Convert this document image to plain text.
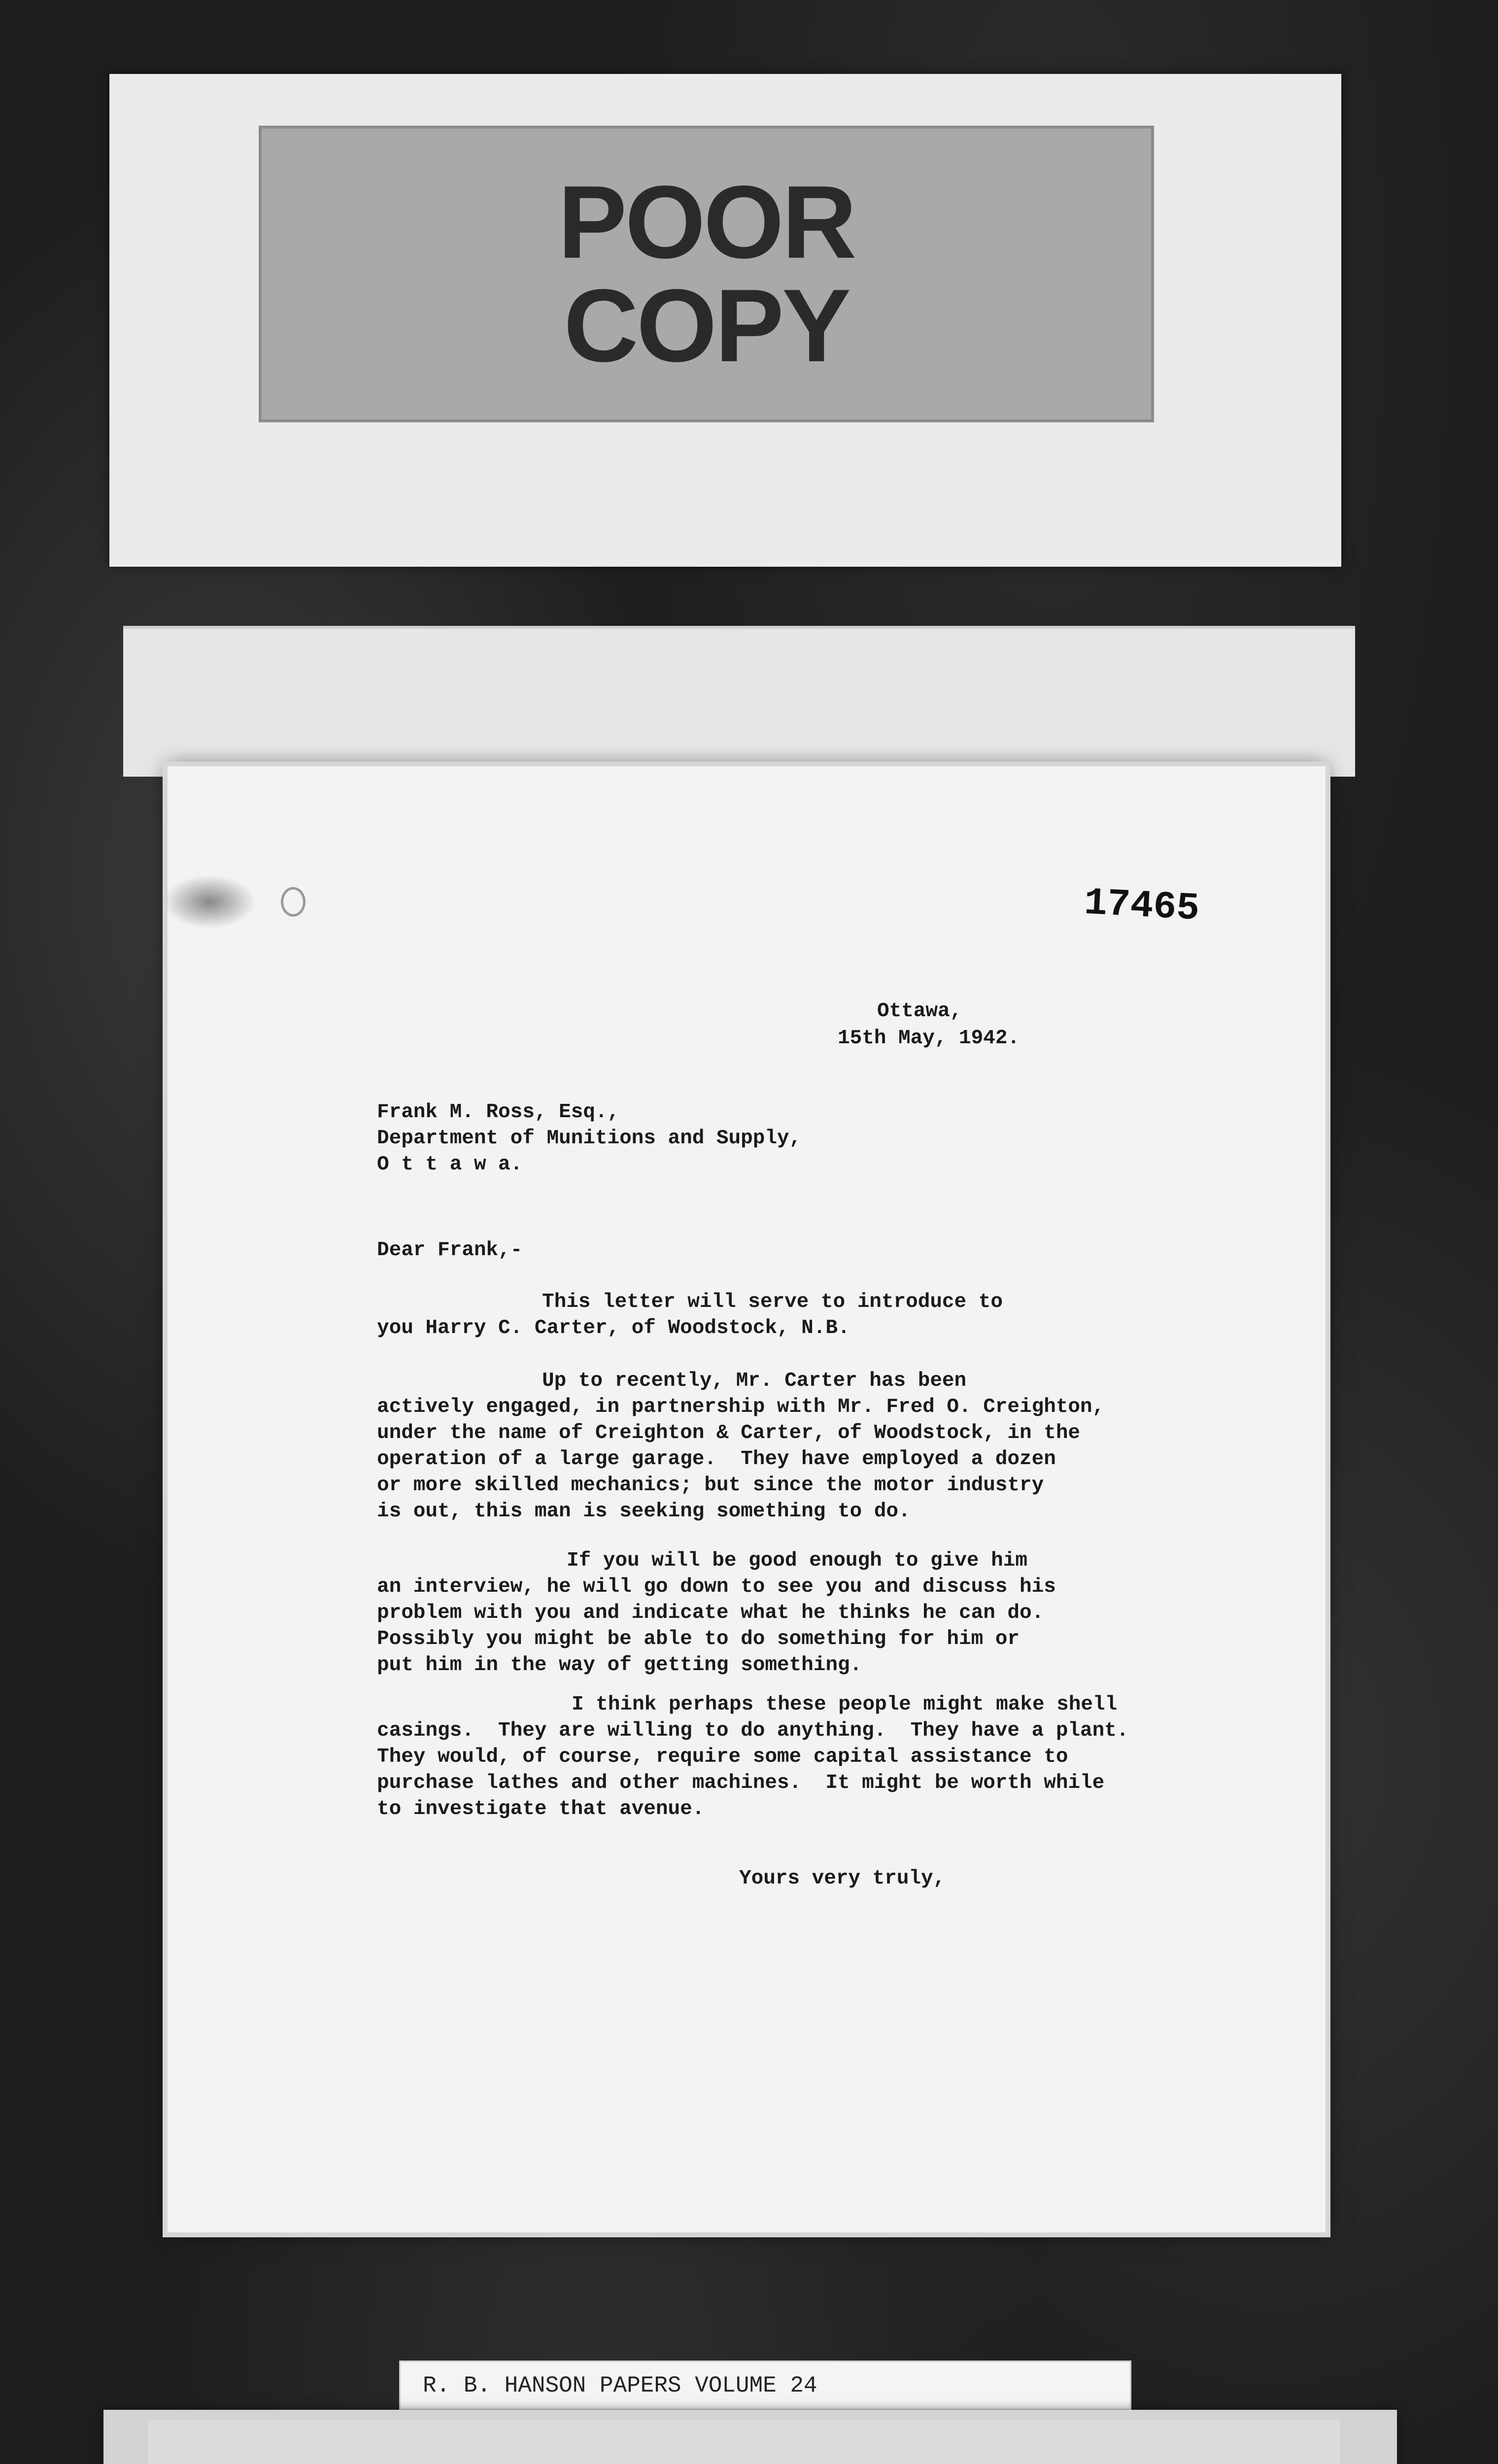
POOR
COPY
17465
Ottawa,
15th May, 1942.
Frank M. Ross, Esq.,
Department of Munitions and Supply,
O t t a w a.
Dear Frank,-
This letter will serve to introduce to
you Harry C. Carter, of Woodstock, N.B.
Up to recently, Mr. Carter has been
actively engaged, in partnership with Mr. Fred O. Creighton,
under the name of Creighton & Carter, of Woodstock, in the
operation of a large garage.  They have employed a dozen
or more skilled mechanics; but since the motor industry
is out, this man is seeking something to do.
If you will be good enough to give him
an interview, he will go down to see you and discuss his
problem with you and indicate what he thinks he can do.
Possibly you might be able to do something for him or
put him in the way of getting something.
I think perhaps these people might make shell
casings.  They are willing to do anything.  They have a plant.
They would, of course, require some capital assistance to
purchase lathes and other machines.  It might be worth while
to investigate that avenue.
Yours very truly,
R. B. HANSON PAPERS VOLUME 24
